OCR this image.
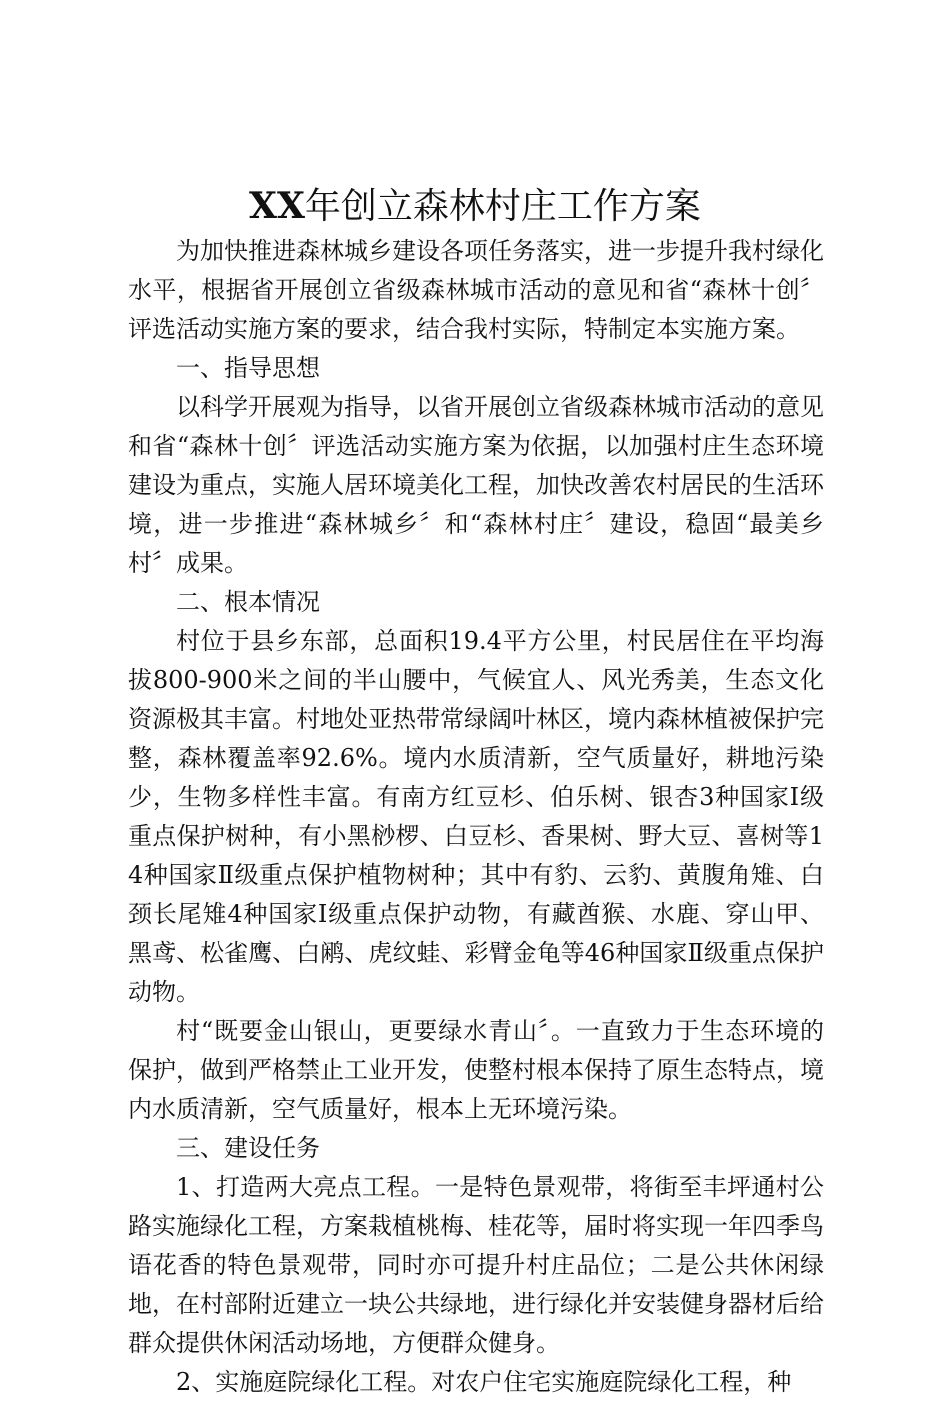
XX年创立森林村庄工作方案

为加快推进森林城乡建设各项任务落实，进一步提升我村绿化水平，根据省开展创立省级森林城市活动的意见和省“森林十创〞评选活动实施方案的要求，结合我村实际，特制定本实施方案。

一、指导思想

以科学开展观为指导，以省开展创立省级森林城市活动的意见和省“森林十创〞评选活动实施方案为依据，以加强村庄生态环境建设为重点，实施人居环境美化工程，加快改善农村居民的生活环境，进一步推进“森林城乡〞和“森林村庄〞建设，稳固“最美乡村〞成果。

二、根本情况

村位于县乡东部，总面积19.4平方公里，村民居住在平均海拔800-900米之间的半山腰中，气候宜人、风光秀美，生态文化资源极其丰富。村地处亚热带常绿阔叶林区，境内森林植被保护完整，森林覆盖率92.6%。境内水质清新，空气质量好，耕地污染少，生物多样性丰富。有南方红豆杉、伯乐树、银杏3种国家Ⅰ级重点保护树种，有小黑桫椤、白豆杉、香果树、野大豆、喜树等14种国家Ⅱ级重点保护植物树种；其中有豹、云豹、黄腹角雉、白颈长尾雉4种国家Ⅰ级重点保护动物，有藏酋猴、水鹿、穿山甲、黑鸢、松雀鹰、白鹇、虎纹蛙、彩臂金龟等46种国家Ⅱ级重点保护动物。

村“既要金山银山，更要绿水青山〞。一直致力于生态环境的保护，做到严格禁止工业开发，使整村根本保持了原生态特点，境内水质清新，空气质量好，根本上无环境污染。

三、建设任务

1、打造两大亮点工程。一是特色景观带，将街至丰坪通村公路实施绿化工程，方案栽植桃梅、桂花等，届时将实现一年四季鸟语花香的特色景观带，同时亦可提升村庄品位；二是公共休闲绿地，在村部附近建立一块公共绿地，进行绿化并安装健身器材后给群众提供休闲活动场地，方便群众健身。

2、实施庭院绿化工程。对农户住宅实施庭院绿化工程，种
